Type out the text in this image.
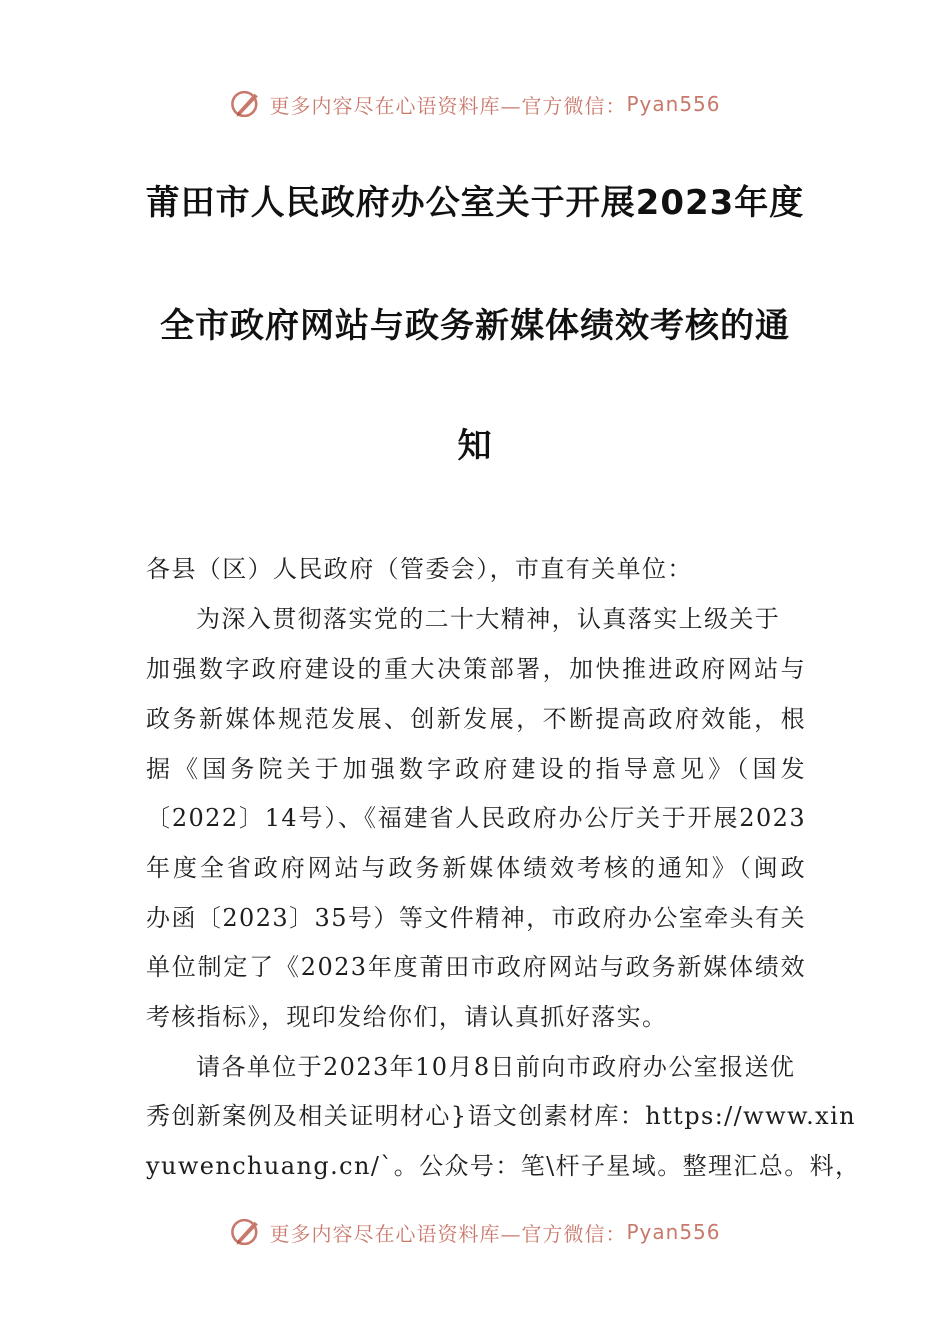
更多内容尽在心语资料库—官方微信： Pyan556
莆田市人民政府办公室关于开展2023年度
全市政府网站与政务新媒体绩效考核的通
知
各县（区）人民政府（管委会），市直有关单位：
为深入贯彻落实党的二十大精神，认真落实上级关于
加强数字政府建设的重大决策部署，加快推进政府网站与
政务新媒体规范发展、创新发展，不断提高政府效能，根
据《国务院关于加强数字政府建设的指导意见》（国发
〔2022〕14号）、《福建省人民政府办公厅关于开展2023
年度全省政府网站与政务新媒体绩效考核的通知》（闽政
办函〔2023〕35号）等文件精神，市政府办公室牵头有关
单位制定了《2023年度莆田市政府网站与政务新媒体绩效
考核指标》，现印发给你们，请认真抓好落实。
请各单位于2023年10月8日前向市政府办公室报送优
秀创新案例及相关证明材心}语文创素材库：https://www.xin
yuwenchuang.cn/`。公众号：笔\杆子星域。整理汇总。料，
更多内容尽在心语资料库—官方微信： Pyan556
